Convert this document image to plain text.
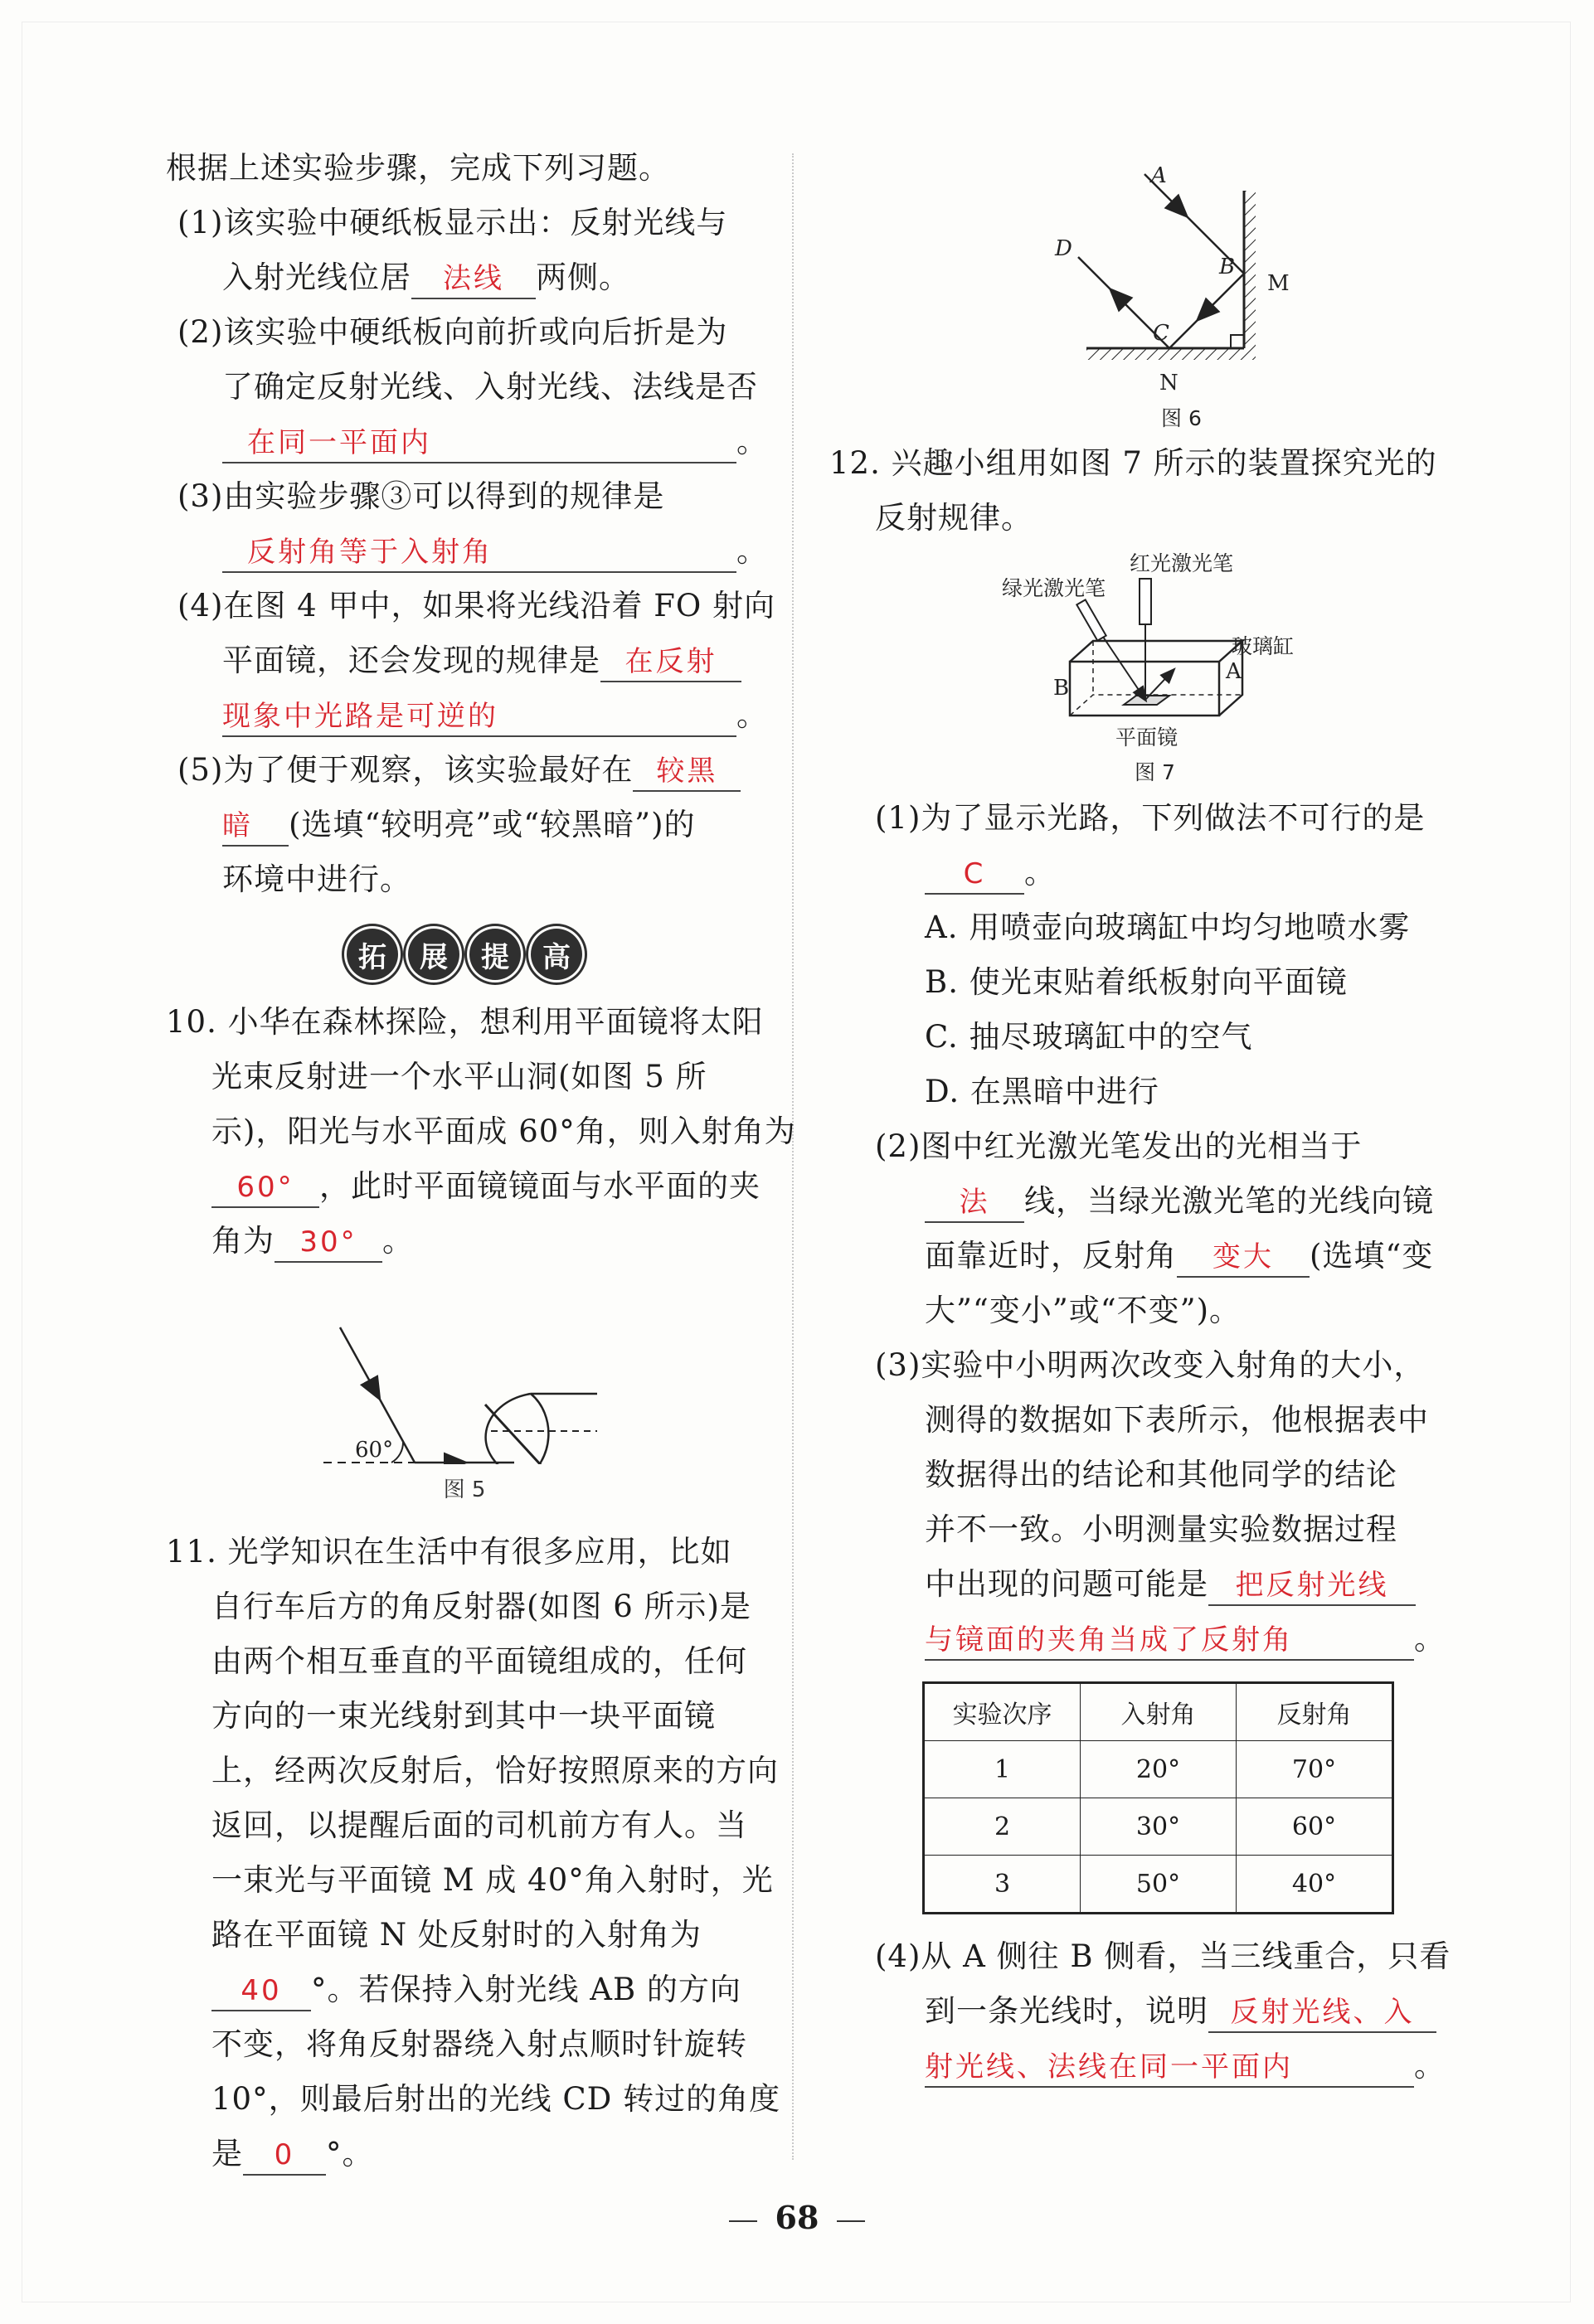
根据上述实验步骤，完成下列习题。
(1)该实验中硬纸板显示出：反射光线与
入射光线位居 法线 两侧。
(2)该实验中硬纸板向前折或向后折是为
了确定反射光线、入射光线、法线是否
在同一平面内	。
(3)由实验步骤③可以得到的规律是
反射角等于入射角	。
(4)在图 4 甲中，如果将光线沿着 FO 射向
平面镜，还会发现的规律是 在反射
现象中光路是可逆的	。
(5)为了便于观察，该实验最好在 较黑
暗 (选填“较明亮”或“较黑暗”)的
环境中进行。
拓	展	提	高
10. 小华在森林探险，想利用平面镜将太阳
光束反射进一个水平山洞(如图 5 所
示)，阳光与水平面成 60°角，则入射角为
60° ，此时平面镜镜面与水平面的夹
角为 30° 。
60°
图 5
11. 光学知识在生活中有很多应用，比如
自行车后方的角反射器(如图 6 所示)是
由两个相互垂直的平面镜组成的，任何
方向的一束光线射到其中一块平面镜
上，经两次反射后，恰好按照原来的方向
返回，以提醒后面的司机前方有人。当
一束光与平面镜 M 成 40°角入射时，光
路在平面镜 N 处反射时的入射角为
40 °。若保持入射光线 AB 的方向
不变，将角反射器绕入射点顺时针旋转
10°，则最后射出的光线 CD 转过的角度
是 0 °。
A
B
C
D
M
N
图 6
12. 兴趣小组用如图 7 所示的装置探究光的
反射规律。
绿光激光笔
红光激光笔
玻璃缸
A
B
平面镜
图 7
(1)为了显示光路，下列做法不可行的是
C 。
A. 用喷壶向玻璃缸中均匀地喷水雾
B. 使光束贴着纸板射向平面镜
C. 抽尽玻璃缸中的空气
D. 在黑暗中进行
(2)图中红光激光笔发出的光相当于
法 线，当绿光激光笔的光线向镜
面靠近时，反射角 变大 (选填“变
大”“变小”或“不变”)。
(3)实验中小明两次改变入射角的大小，
测得的数据如下表所示，他根据表中
数据得出的结论和其他同学的结论
并不一致。小明测量实验数据过程
中出现的问题可能是 把反射光线
与镜面的夹角当成了反射角	。
实验次序	入射角	反射角
1	20°	70°
2	30°	60°
3	50°	40°
(4)从 A 侧往 B 侧看，当三线重合，只看
到一条光线时，说明 反射光线、入
射光线、法线在同一平面内	。
68
